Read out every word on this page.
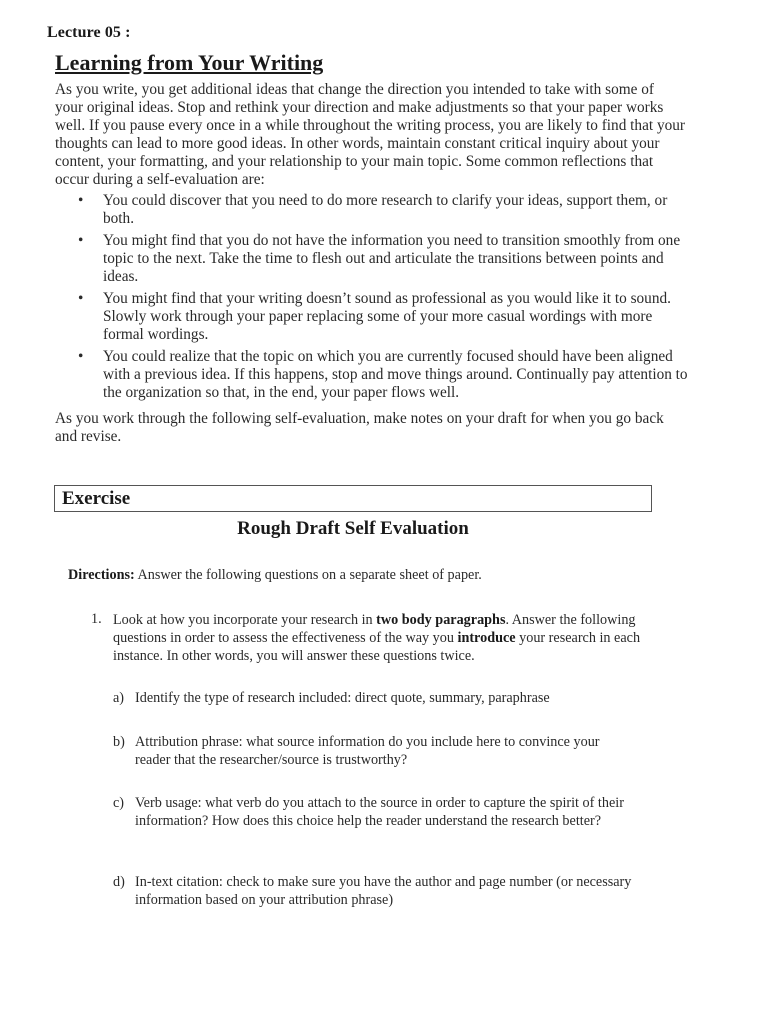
Lecture 05 :
Learning from Your Writing

As you write, you get additional ideas that change the direction you intended to take with some of your original ideas. Stop and rethink your direction and make adjustments so that your paper works well. If you pause every once in a while throughout the writing process, you are likely to find that your thoughts can lead to more good ideas. In other words, maintain constant critical inquiry about your content, your formatting, and your relationship to your main topic. Some common reflections that occur during a self-evaluation are:

• You could discover that you need to do more research to clarify your ideas, support them, or both.
• You might find that you do not have the information you need to transition smoothly from one topic to the next. Take the time to flesh out and articulate the transitions between points and ideas.
• You might find that your writing doesn’t sound as professional as you would like it to sound. Slowly work through your paper replacing some of your more casual wordings with more formal wordings.
• You could realize that the topic on which you are currently focused should have been aligned with a previous idea. If this happens, stop and move things around. Continually pay attention to the organization so that, in the end, your paper flows well.

As you work through the following self-evaluation, make notes on your draft for when you go back and revise.

Exercise
Rough Draft Self Evaluation
Directions: Answer the following questions on a separate sheet of paper.
1. Look at how you incorporate your research in two body paragraphs. Answer the following questions in order to assess the effectiveness of the way you introduce your research in each instance. In other words, you will answer these questions twice.
a) Identify the type of research included: direct quote, summary, paraphrase
b) Attribution phrase: what source information do you include here to convince your reader that the researcher/source is trustworthy?
c) Verb usage: what verb do you attach to the source in order to capture the spirit of their information? How does this choice help the reader understand the research better?
d) In-text citation: check to make sure you have the author and page number (or necessary information based on your attribution phrase)
